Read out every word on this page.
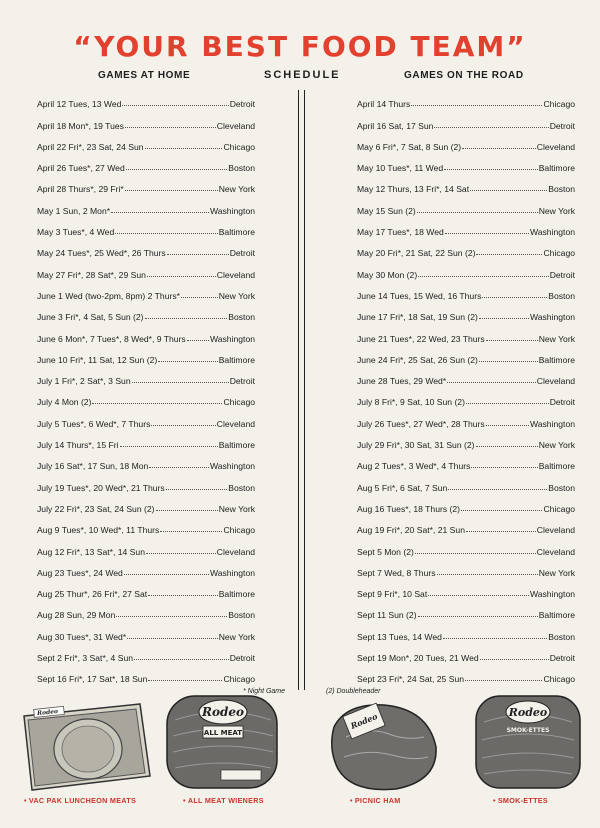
“YOUR BEST FOOD TEAM”
GAMES AT HOME	SCHEDULE	GAMES ON THE ROAD
April 12 Tues, 13 Wed	Detroit
April 18 Mon*, 19 Tues	Cleveland
April 22 Fri*, 23 Sat, 24 Sun	Chicago
April 26 Tues*, 27 Wed	Boston
April 28 Thurs*, 29 Fri*	New York
May 1 Sun, 2 Mon*	Washington
May 3 Tues*, 4 Wed	Baltimore
May 24 Tues*, 25 Wed*, 26 Thurs	Detroit
May 27 Fri*, 28 Sat*, 29 Sun	Cleveland
June 1 Wed (two-2pm, 8pm) 2 Thurs*	New York
June 3 Fri*, 4 Sat, 5 Sun (2)	Boston
June 6 Mon*, 7 Tues*, 8 Wed*, 9 Thurs	Washington
June 10 Fri*, 11 Sat, 12 Sun (2)	Baltimore
July 1 Fri*, 2 Sat*, 3 Sun	Detroit
July 4 Mon (2)	Chicago
July 5 Tues*, 6 Wed*, 7 Thurs	Cleveland
July 14 Thurs*, 15 Fri	Baltimore
July 16 Sat*, 17 Sun, 18 Mon	Washington
July 19 Tues*, 20 Wed*, 21 Thurs	Boston
July 22 Fri*, 23 Sat, 24 Sun (2)	New York
Aug 9 Tues*, 10 Wed*, 11 Thurs	Chicago
Aug 12 Fri*, 13 Sat*, 14 Sun	Cleveland
Aug 23 Tues*, 24 Wed	Washington
Aug 25 Thur*, 26 Fri*, 27 Sat	Baltimore
Aug 28 Sun, 29 Mon	Boston
Aug 30 Tues*, 31 Wed*	New York
Sept 2 Fri*, 3 Sat*, 4 Sun	Detroit
Sept 16 Fri*, 17 Sat*, 18 Sun	Chicago
April 14 Thurs	Chicago
April 16 Sat, 17 Sun	Detroit
May 6 Fri*, 7 Sat, 8 Sun (2)	Cleveland
May 10 Tues*, 11 Wed	Baltimore
May 12 Thurs, 13 Fri*, 14 Sat	Boston
May 15 Sun (2)	New York
May 17 Tues*, 18 Wed	Washington
May 20 Fri*, 21 Sat, 22 Sun (2)	Chicago
May 30 Mon (2)	Detroit
June 14 Tues, 15 Wed, 16 Thurs	Boston
June 17 Fri*, 18 Sat, 19 Sun (2)	Washington
June 21 Tues*, 22 Wed, 23 Thurs	New York
June 24 Fri*, 25 Sat, 26 Sun (2)	Baltimore
June 28 Tues, 29 Wed*	Cleveland
July 8 Fri*, 9 Sat, 10 Sun (2)	Detroit
July 26 Tues*, 27 Wed*, 28 Thurs	Washington
July 29 Fri*, 30 Sat, 31 Sun (2)	New York
Aug 2 Tues*, 3 Wed*, 4 Thurs	Baltimore
Aug 5 Fri*, 6 Sat, 7 Sun	Boston
Aug 16 Tues*, 18 Thurs (2)	Chicago
Aug 19 Fri*, 20 Sat*, 21 Sun	Cleveland
Sept 5 Mon (2)	Cleveland
Sept 7 Wed, 8 Thurs	New York
Sept 9 Fri*, 10 Sat	Washington
Sept 11 Sun (2)	Baltimore
Sept 13 Tues, 14 Wed	Boston
Sept 19 Mon*, 20 Tues, 21 Wed	Detroit
Sept 23 Fri*, 24 Sat, 25 Sun	Chicago
* Night Game	(2) Doubleheader
Rodeo	Rodeo
ALL MEAT
Rodeo	Rodeo
SMOK-ETTES
• VAC PAK LUNCHEON MEATS	• ALL MEAT WIENERS	• PICNIC HAM	• SMOK-ETTES
